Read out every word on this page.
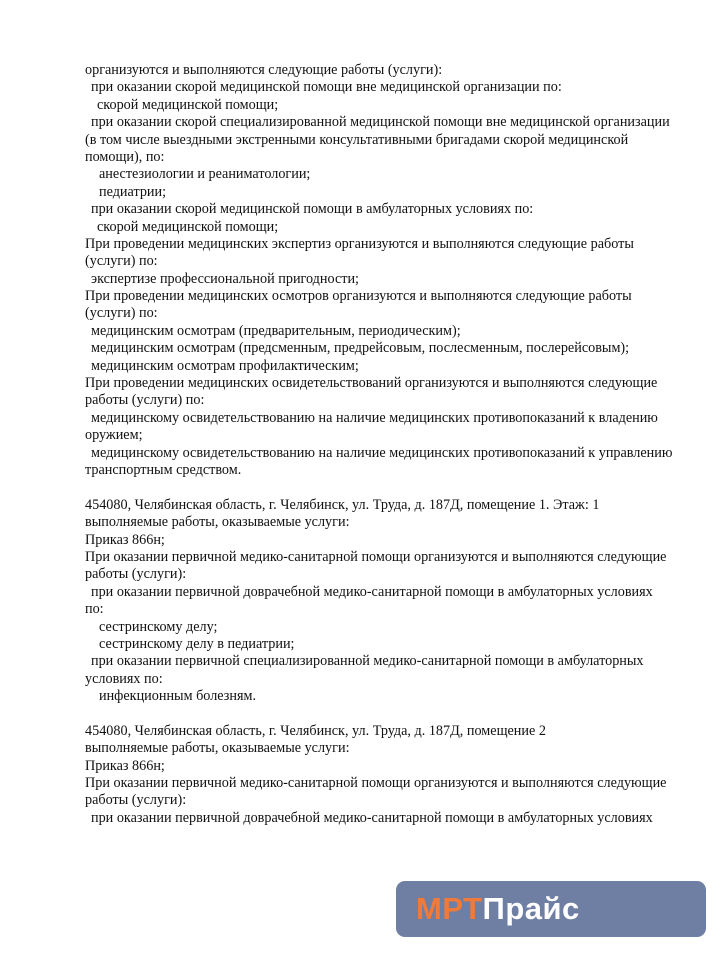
организуются и выполняются следующие работы (услуги):
при оказании скорой медицинской помощи вне медицинской организации по:
скорой медицинской помощи;
при оказании скорой специализированной медицинской помощи вне медицинской организации
(в том числе выездными экстренными консультативными бригадами скорой медицинской
помощи), по:
анестезиологии и реаниматологии;
педиатрии;
при оказании скорой медицинской помощи в амбулаторных условиях по:
скорой медицинской помощи;
При проведении медицинских экспертиз организуются и выполняются следующие работы
(услуги) по:
экспертизе профессиональной пригодности;
При проведении медицинских осмотров организуются и выполняются следующие работы
(услуги) по:
медицинским осмотрам (предварительным, периодическим);
медицинским осмотрам (предсменным, предрейсовым, послесменным, послерейсовым);
медицинским осмотрам профилактическим;
При проведении медицинских освидетельствований организуются и выполняются следующие
работы (услуги) по:
медицинскому освидетельствованию на наличие медицинских противопоказаний к владению
оружием;
медицинскому освидетельствованию на наличие медицинских противопоказаний к управлению
транспортным средством.
454080, Челябинская область, г. Челябинск, ул. Труда, д. 187Д, помещение 1. Этаж: 1
выполняемые работы, оказываемые услуги:
Приказ 866н;
При оказании первичной медико-санитарной помощи организуются и выполняются следующие
работы (услуги):
при оказании первичной доврачебной медико-санитарной помощи в амбулаторных условиях
по:
сестринскому делу;
сестринскому делу в педиатрии;
при оказании первичной специализированной медико-санитарной помощи в амбулаторных
условиях по:
инфекционным болезням.
454080, Челябинская область, г. Челябинск, ул. Труда, д. 187Д, помещение 2
выполняемые работы, оказываемые услуги:
Приказ 866н;
При оказании первичной медико-санитарной помощи организуются и выполняются следующие
работы (услуги):
при оказании первичной доврачебной медико-санитарной помощи в амбулаторных условиях
МРТ Прайс
